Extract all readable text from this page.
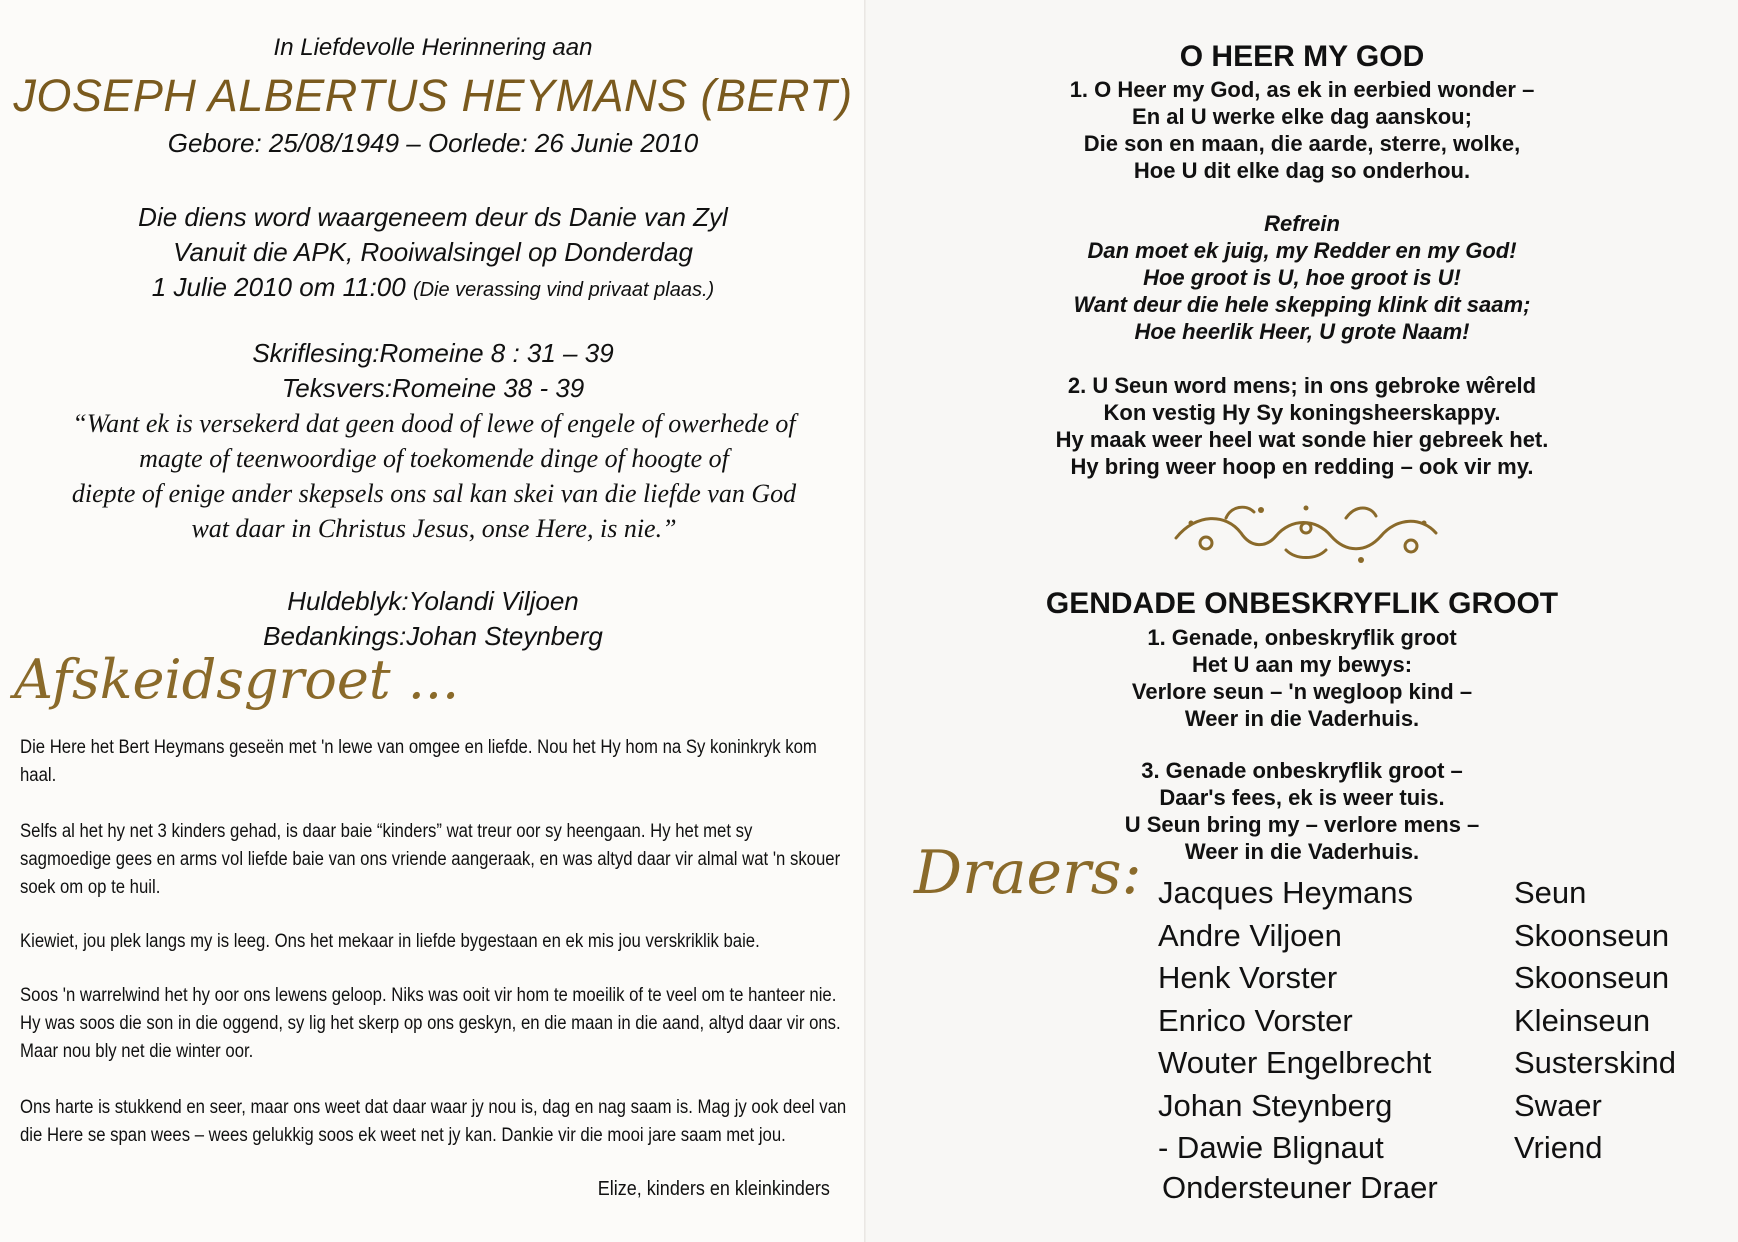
In Liefdevolle Herinnering aan
JOSEPH ALBERTUS HEYMANS (BERT)
Gebore: 25/08/1949 – Oorlede: 26 Junie 2010
Die diens word waargeneem deur ds Danie van Zyl
Vanuit die APK, Rooiwalsingel op Donderdag
1 Julie 2010 om 11:00 (Die verassing vind privaat plaas.)
Skriflesing:Romeine 8 : 31 – 39
Teksvers:Romeine 38 - 39
“Want ek is versekerd dat geen dood of lewe of engele of owerhede of
magte of teenwoordige of toekomende dinge of hoogte of
diepte of enige ander skepsels ons sal kan skei van die liefde van God
wat daar in Christus Jesus, onse Here, is nie.”
Huldeblyk:Yolandi Viljoen
Bedankings:Johan Steynberg
Afskeidsgroet ...
Die Here het Bert Heymans geseën met 'n lewe van omgee en liefde. Nou het Hy hom na Sy koninkryk kom haal.
Selfs al het hy net 3 kinders gehad, is daar baie “kinders” wat treur oor sy heengaan. Hy het met sy sagmoedige gees en arms vol liefde baie van ons vriende aangeraak, en was altyd daar vir almal wat 'n skouer soek om op te huil.
Kiewiet, jou plek langs my is leeg. Ons het mekaar in liefde bygestaan en ek mis jou verskriklik baie.
Soos 'n warrelwind het hy oor ons lewens geloop. Niks was ooit vir hom te moeilik of te veel om te hanteer nie. Hy was soos die son in die oggend, sy lig het skerp op ons geskyn, en die maan in die aand, altyd daar vir ons. Maar nou bly net die winter oor.
Ons harte is stukkend en seer, maar ons weet dat daar waar jy nou is, dag en nag saam is. Mag jy ook deel van die Here se span wees – wees gelukkig soos ek weet net jy kan. Dankie vir die mooi jare saam met jou.
Elize, kinders en kleinkinders
O HEER MY GOD
1. O Heer my God, as ek in eerbied wonder –
En al U werke elke dag aanskou;
Die son en maan, die aarde, sterre, wolke,
Hoe U dit elke dag so onderhou.
Refrein
Dan moet ek juig, my Redder en my God!
Hoe groot is U, hoe groot is U!
Want deur die hele skepping klink dit saam;
Hoe heerlik Heer, U grote Naam!
2. U Seun word mens; in ons gebroke wêreld
Kon vestig Hy Sy koningsheerskappy.
Hy maak weer heel wat sonde hier gebreek het.
Hy bring weer hoop en redding – ook vir my.
GENDADE ONBESKRYFLIK GROOT
1. Genade, onbeskryflik groot
Het U aan my bewys:
Verlore seun – 'n wegloop kind –
Weer in die Vaderhuis.
3. Genade onbeskryflik groot –
Daar's fees, ek is weer tuis.
U Seun bring my – verlore mens –
Weer in die Vaderhuis.
Draers: Jacques Heymans
Andre Viljoen
Henk Vorster
Enrico Vorster
Wouter Engelbrecht
Johan Steynberg
- Dawie Blignaut
Seun
Skoonseun
Skoonseun
Kleinseun
Susterskind
Swaer
Vriend
Ondersteuner Draer
